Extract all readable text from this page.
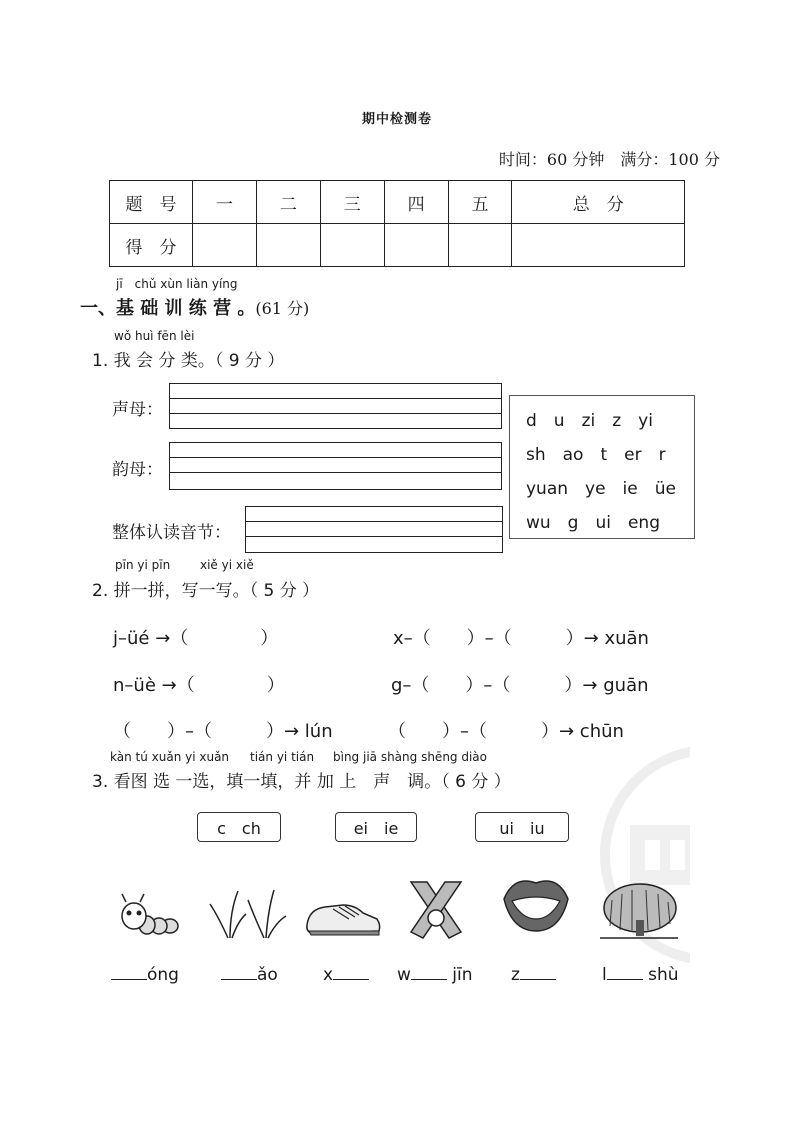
期中检测卷
时间：60 分钟　满分：100 分
题　号	一	二	三	四	五	总　分
得　分						
jī　chǔ xùn liàn yíng
一、基 础 训 练 营 。(61 分)
wǒ huì fēn lèi
1. 我 会 分 类。（ 9 分 ）
声母：
韵母：
整体认读音节：
d　u　zi　z　yi
sh　ao　t　er　r
yuan　ye　ie　üe
wu　g　ui　eng
pīn yi pīn xiě yi xiě
2. 拼一拼，写一写。（ 5 分 ）
j–üé →（　　　　）	x–（　　）–（　　　）→ xuān
n–üè →（　　　　）	g–（　　）–（　　　）→ guān
（　　）–（　　　）→ lún	（　　）–（　　　）→ chūn
kàn tú xuǎn yi xuǎn tián yi tián bìng jiā shàng shēng diào
3. 看图 选 一选，填一填，并 加 上　声　调。（ 6 分 ）
c　ch	ei　ie	ui　iu
óng	ǎo	x	w jīn z	l shù
